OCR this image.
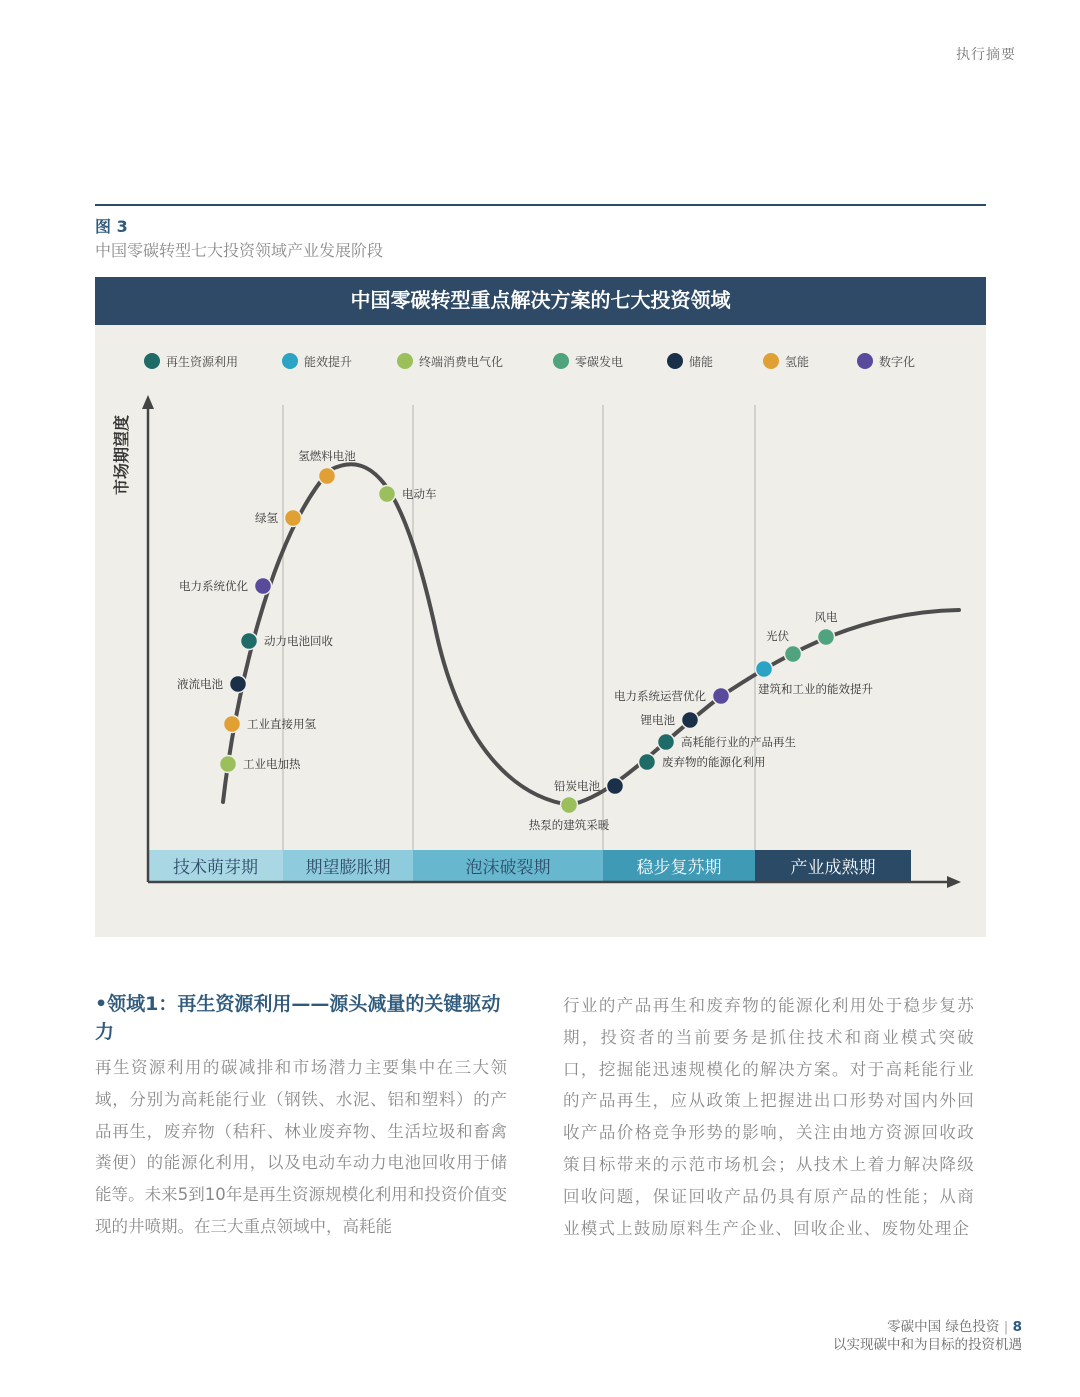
执行摘要
图 3
中国零碳转型七大投资领域产业发展阶段
中国零碳转型重点解决方案的七大投资领域
再生资源利用	能效提升	终端消费电气化	零碳发电	储能	氢能	数字化
技术萌芽期	期望膨胀期	泡沫破裂期	稳步复苏期	产业成熟期
市场期望度
工业电加热
工业直接用氢
液流电池
动力电池回收
电力系统优化
绿氢
氢燃料电池
电动车
热泵的建筑采暖
铅炭电池
废弃物的能源化利用
高耗能行业的产品再生
锂电池
电力系统运营优化	建筑和工业的能效提升
光伏
风电
•领域1：再生资源利用——源头减量的关键驱动力

再生资源利用的碳减排和市场潜力主要集中在三大领域，分别为高耗能行业（钢铁、水泥、铝和塑料）的产品再生，废弃物（秸秆、林业废弃物、生活垃圾和畜禽粪便）的能源化利用，以及电动车动力电池回收用于储能等。未来5到10年是再生资源规模化利用和投资价值变现的井喷期。在三大重点领域中，高耗能

行业的产品再生和废弃物的能源化利用处于稳步复苏期，投资者的当前要务是抓住技术和商业模式突破口，挖掘能迅速规模化的解决方案。对于高耗能行业的产品再生，应从政策上把握进出口形势对国内外回收产品价格竞争形势的影响，关注由地方资源回收政策目标带来的示范市场机会；从技术上着力解决降级回收问题，保证回收产品仍具有原产品的性能；从商业模式上鼓励原料生产企业、回收企业、废物处理企

零碳中国 绿色投资 | 8
以实现碳中和为目标的投资机遇
